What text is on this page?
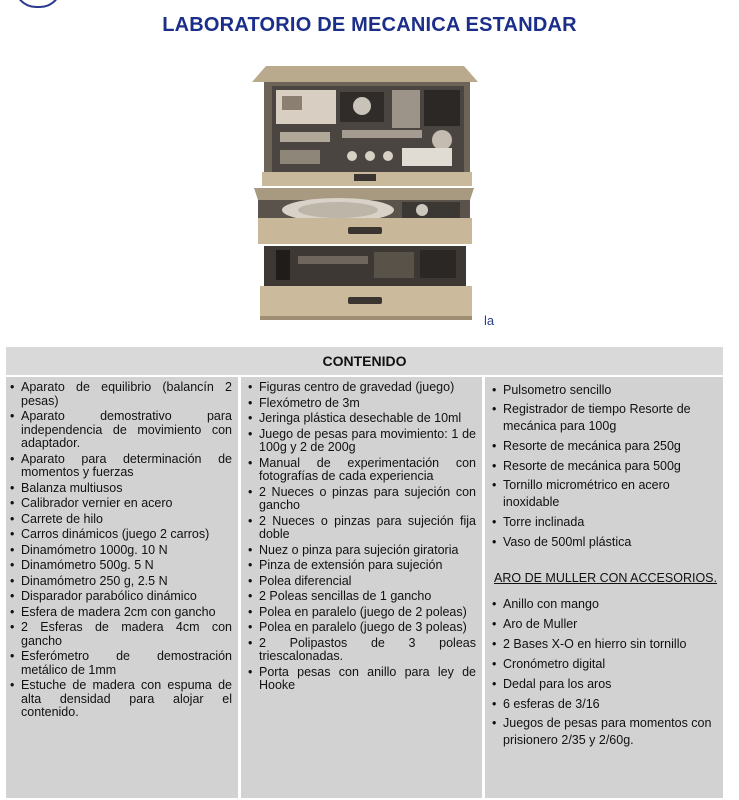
LABORATORIO DE MECANICA ESTANDAR
la
CONTENIDO
• Aparato de equilibrio (balancín 2 pesas)
• Aparato demostrativo para independencia de movimiento con adaptador.
• Aparato para determinación de momentos y fuerzas
• Balanza multiusos
• Calibrador vernier en acero
• Carrete de hilo
• Carros dinámicos (juego 2 carros)
• Dinamómetro 1000g. 10 N
• Dinamómetro 500g. 5 N
• Dinamómetro 250 g, 2.5 N
• Disparador parabólico dinámico
• Esfera de madera 2cm con gancho
• 2 Esferas de madera 4cm con gancho
• Esferómetro de demostración metálico de 1mm
• Estuche de madera con espuma de alta densidad para alojar el contenido.
• Figuras centro de gravedad (juego)
• Flexómetro de 3m
• Jeringa plástica desechable de 10ml
• Juego de pesas para movimiento: 1 de 100g y 2 de 200g
• Manual de experimentación con fotografías de cada experiencia
• 2 Nueces o pinzas para sujeción con gancho
• 2 Nueces o pinzas para sujeción fija doble
• Nuez o pinza para sujeción giratoria
• Pinza de extensión para sujeción
• Polea diferencial
• 2 Poleas sencillas de 1 gancho
• Polea en paralelo (juego de 2 poleas)
• Polea en paralelo (juego de 3 poleas)
• 2 Polipastos de 3 poleas triescalonadas.
• Porta pesas con anillo para ley de Hooke
• Pulsometro sencillo
• Registrador de tiempo Resorte de mecánica para 100g
• Resorte de mecánica para 250g
• Resorte de mecánica para 500g
• Tornillo micrométrico en acero inoxidable
• Torre inclinada
• Vaso de 500ml plástica
ARO DE MULLER CON ACCESORIOS.
• Anillo con mango
• Aro de Muller
• 2 Bases X-O en hierro sin tornillo
• Cronómetro digital
• Dedal para los aros
• 6 esferas de 3/16
• Juegos de pesas para momentos con prisionero 2/35 y 2/60g.
